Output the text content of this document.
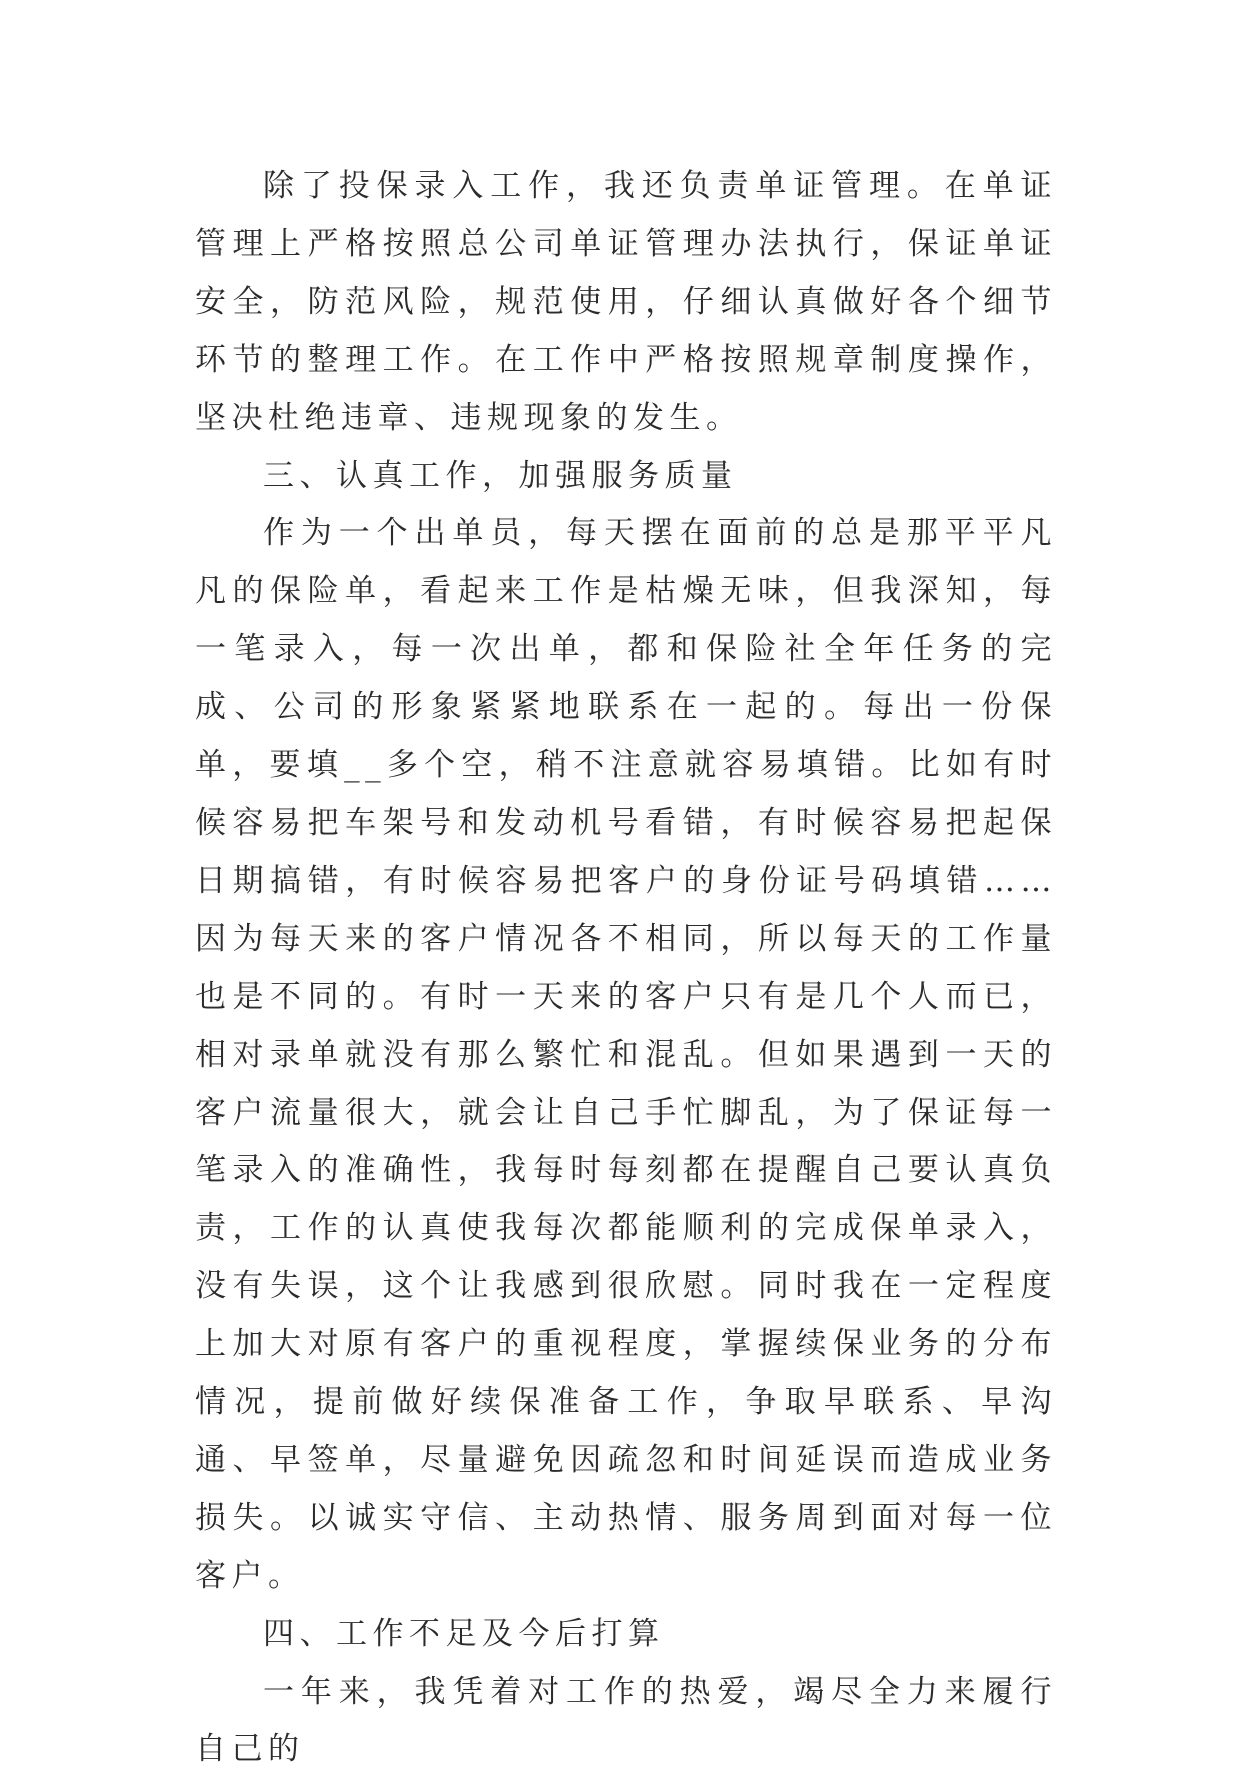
除了投保录入工作，我还负责单证管理。在单证管理上严格按照总公司单证管理办法执行，保证单证安全，防范风险，规范使用，仔细认真做好各个细节环节的整理工作。在工作中严格按照规章制度操作，坚决杜绝违章、违规现象的发生。

三、认真工作，加强服务质量

作为一个出单员，每天摆在面前的总是那平平凡凡的保险单，看起来工作是枯燥无味，但我深知，每一笔录入，每一次出单，都和保险社全年任务的完成、公司的形象紧紧地联系在一起的。每出一份保单，要填__多个空，稍不注意就容易填错。比如有时候容易把车架号和发动机号看错，有时候容易把起保日期搞错，有时候容易把客户的身份证号码填错……因为每天来的客户情况各不相同，所以每天的工作量也是不同的。有时一天来的客户只有是几个人而已，相对录单就没有那么繁忙和混乱。但如果遇到一天的客户流量很大，就会让自己手忙脚乱，为了保证每一笔录入的准确性，我每时每刻都在提醒自己要认真负责，工作的认真使我每次都能顺利的完成保单录入，没有失误，这个让我感到很欣慰。同时我在一定程度上加大对原有客户的重视程度，掌握续保业务的分布情况，提前做好续保准备工作，争取早联系、早沟通、早签单，尽量避免因疏忽和时间延误而造成业务损失。以诚实守信、主动热情、服务周到面对每一位客户。

四、工作不足及今后打算

一年来，我凭着对工作的热爱，竭尽全力来履行自己的
